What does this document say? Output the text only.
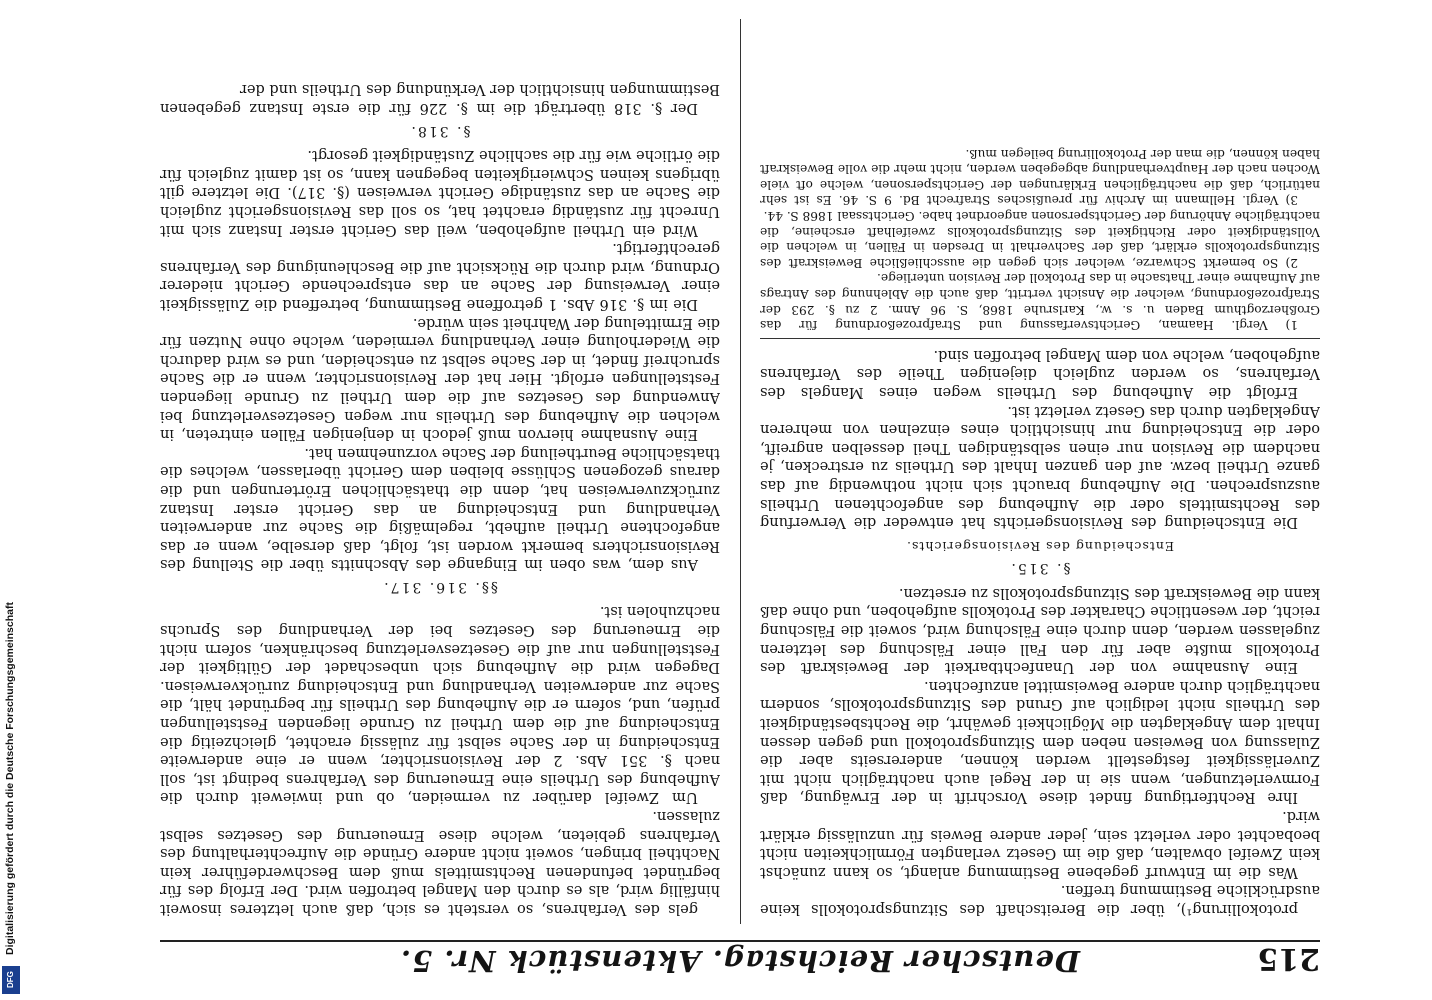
Digitalisierung gefördert durch die Deutsche Forschungsgemeinschaft
DFG
Deutscher Reichstag. Aktenstück Nr. 5.	215

protokollirung¹), über die Bereitschaft des Sitzungsprotokolls keine ausdrückliche Bestimmung treffen.

Was die im Entwurf gegebene Bestimmung anlangt, so kann zunächst kein Zweifel obwalten, daß die im Gesetz verlangten Förmlichkeiten nicht beobachtet oder verletzt sein, jeder andere Beweis für unzulässig erklärt wird.

Ihre Rechtfertigung findet diese Vorschrift in der Erwägung, daß Formverletzungen, wenn sie in der Regel auch nachträglich nicht mit Zuverlässigkeit festgestellt werden können, andererseits aber die Zulassung von Beweisen neben dem Sitzungsprotokoll und gegen dessen Inhalt dem Angeklagten die Möglichkeit gewährt, die Rechtsbeständigkeit des Urtheils nicht lediglich auf Grund des Sitzungsprotokolls, sondern nachträglich durch andere Beweismittel anzufechten.

Eine Ausnahme von der Unanfechtbarkeit der Beweiskraft des Protokolls mußte aber für den Fall einer Fälschung des letzteren zugelassen werden, denn durch eine Fälschung wird, soweit die Fälschung reicht, der wesentliche Charakter des Protokolls aufgehoben, und ohne daß kann die Beweiskraft des Sitzungsprotokolls zu ersetzen.

§. 315.
Entscheidung des Revisionsgerichts.

Die Entscheidung des Revisionsgerichts hat entweder die Verwerfung des Rechtsmittels oder die Aufhebung des angefochtenen Urtheils auszusprechen. Die Aufhebung braucht sich nicht nothwendig auf das ganze Urtheil bezw. auf den ganzen Inhalt des Urtheils zu erstrecken, je nachdem die Revision nur einen selbständigen Theil desselben angreift, oder die Entscheidung nur hinsichtlich eines einzelnen von mehreren Angeklagten durch das Gesetz verletzt ist.

Erfolgt die Aufhebung des Urtheils wegen eines Mangels des Verfahrens, so werden zugleich diejenigen Theile des Verfahrens aufgehoben, welche von dem Mangel betroffen sind.

1) Vergl. Haaman, Gerichtsverfassung und Strafprozeßordnung für das Großherzogthum Baden u. s. w., Karlsruhe 1868, S. 96 Anm. 2 zu §. 293 der Strafprozeßordnung, welcher die Ansicht vertritt, daß auch die Ablehnung des Antrags auf Aufnahme einer Thatsache in das Protokoll der Revision unterliege.

2) So bemerkt Schwarze, welcher sich gegen die ausschließliche Beweiskraft des Sitzungsprotokolls erklärt, daß der Sachverhalt in Dresden in Fällen, in welchen die Vollständigkeit oder Richtigkeit des Sitzungsprotokolls zweifelhaft erscheine, die nachträgliche Anhörung der Gerichtspersonen angeordnet habe. Gerichtssaal 1868 S. 44.

3) Vergl. Hellmann im Archiv für preußisches Strafrecht Bd. 9 S. 46. Es ist sehr natürlich, daß die nachträglichen Erklärungen der Gerichtspersonen, welche oft viele Wochen nach der Hauptverhandlung abgegeben werden, nicht mehr die volle Beweiskraft haben können, die man der Protokollirung beilegen muß.

gels des Verfahrens, so versteht es sich, daß auch letzteres insoweit hinfällig wird, als es durch den Mangel betroffen wird. Der Erfolg des für begründet befundenen Rechtsmittels muß dem Beschwerdeführer kein Nachtheil bringen, soweit nicht andere Gründe die Aufrechterhaltung des Verfahrens gebieten, welche diese Erneuerung des Gesetzes selbst zulassen.

Um Zweifel darüber zu vermeiden, ob und inwieweit durch die Aufhebung des Urtheils eine Erneuerung des Verfahrens bedingt ist, soll nach §. 351 Abs. 2 der Revisionsrichter, wenn er eine anderweite Entscheidung in der Sache selbst für zulässig erachtet, gleichzeitig die Entscheidung auf die dem Urtheil zu Grunde liegenden Feststellungen prüfen, und, sofern er die Aufhebung des Urtheils für begründet hält, die Sache zur anderweiten Verhandlung und Entscheidung zurückverweisen. Dagegen wird die Aufhebung sich unbeschadet der Gültigkeit der Feststellungen nur auf die Gesetzesverletzung beschränken, sofern nicht die Erneuerung des Gesetzes bei der Verhandlung des Spruchs nachzuholen ist.

§§. 316. 317.

Aus dem, was oben im Eingange des Abschnitts über die Stellung des Revisionsrichters bemerkt worden ist, folgt, daß derselbe, wenn er das angefochtene Urtheil aufhebt, regelmäßig die Sache zur anderweiten Verhandlung und Entscheidung an das Gericht erster Instanz zurückzuverweisen hat, denn die thatsächlichen Erörterungen und die daraus gezogenen Schlüsse bleiben dem Gericht überlassen, welches die thatsächliche Beurtheilung der Sache vorzunehmen hat.

Eine Ausnahme hiervon muß jedoch in denjenigen Fällen eintreten, in welchen die Aufhebung des Urtheils nur wegen Gesetzesverletzung bei Anwendung des Gesetzes auf die dem Urtheil zu Grunde liegenden Feststellungen erfolgt. Hier hat der Revisionsrichter, wenn er die Sache spruchreif findet, in der Sache selbst zu entscheiden, und es wird dadurch die Wiederholung einer Verhandlung vermieden, welche ohne Nutzen für die Ermittelung der Wahrheit sein würde.

Die im §. 316 Abs. 1 getroffene Bestimmung, betreffend die Zulässigkeit einer Verweisung der Sache an das entsprechende Gericht niederer Ordnung, wird durch die Rücksicht auf die Beschleunigung des Verfahrens gerechtfertigt.

Wird ein Urtheil aufgehoben, weil das Gericht erster Instanz sich mit Unrecht für zuständig erachtet hat, so soll das Revisionsgericht zugleich die Sache an das zuständige Gericht verweisen (§. 317). Die letztere gilt übrigens keinen Schwierigkeiten begegnen kann, so ist damit zugleich für die örtliche wie für die sachliche Zuständigkeit gesorgt.

§. 318.

Der §. 318 überträgt die im §. 226 für die erste Instanz gegebenen Bestimmungen hinsichtlich der Verkündung des Urtheils und der
